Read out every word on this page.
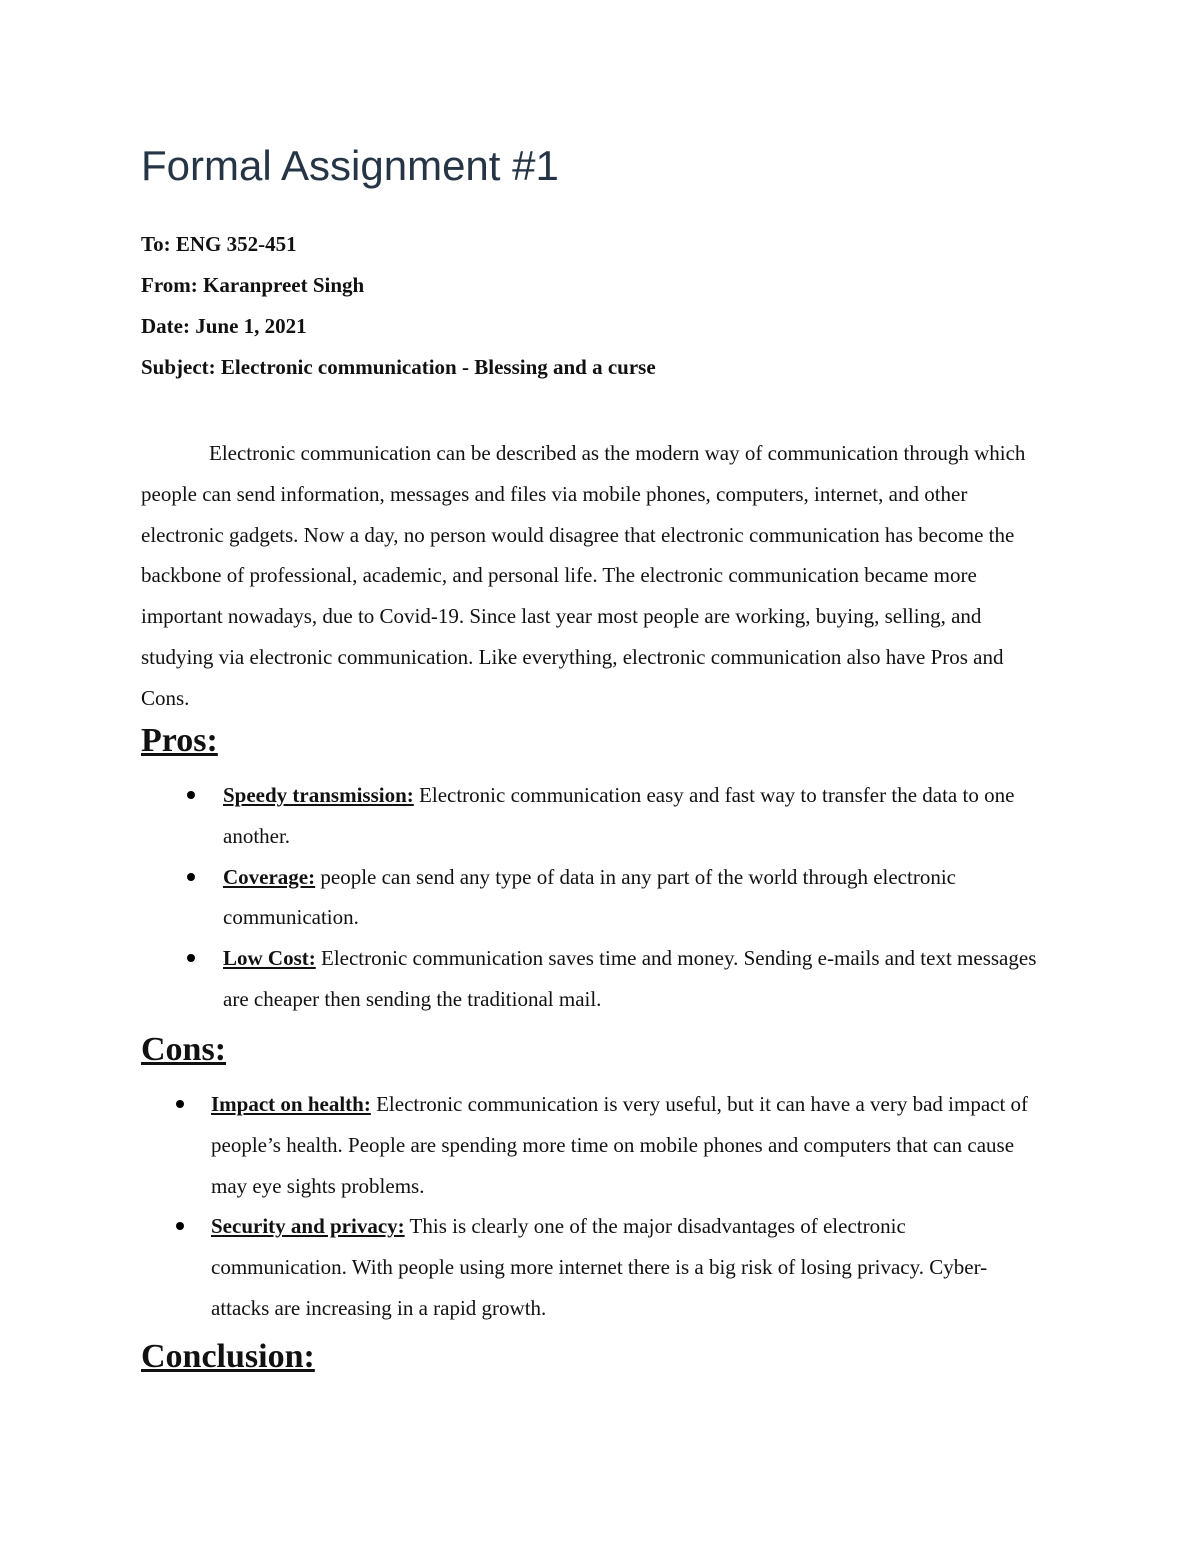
Formal Assignment #1
To: ENG 352-451
From: Karanpreet Singh
Date: June 1, 2021
Subject: Electronic communication - Blessing and a curse

Electronic communication can be described as the modern way of communication through which people can send information, messages and files via mobile phones, computers, internet, and other electronic gadgets. Now a day, no person would disagree that electronic communication has become the backbone of professional, academic, and personal life. The electronic communication became more important nowadays, due to Covid-19. Since last year most people are working, buying, selling, and studying via electronic communication. Like everything, electronic communication also have Pros and Cons.

Pros:
Speedy transmission: Electronic communication easy and fast way to transfer the data to one another.
Coverage: people can send any type of data in any part of the world through electronic communication.
Low Cost: Electronic communication saves time and money. Sending e-mails and text messages are cheaper then sending the traditional mail.
Cons:
Impact on health: Electronic communication is very useful, but it can have a very bad impact of people’s health. People are spending more time on mobile phones and computers that can cause may eye sights problems.
Security and privacy: This is clearly one of the major disadvantages of electronic communication. With people using more internet there is a big risk of losing privacy. Cyber-attacks are increasing in a rapid growth.
Conclusion:
